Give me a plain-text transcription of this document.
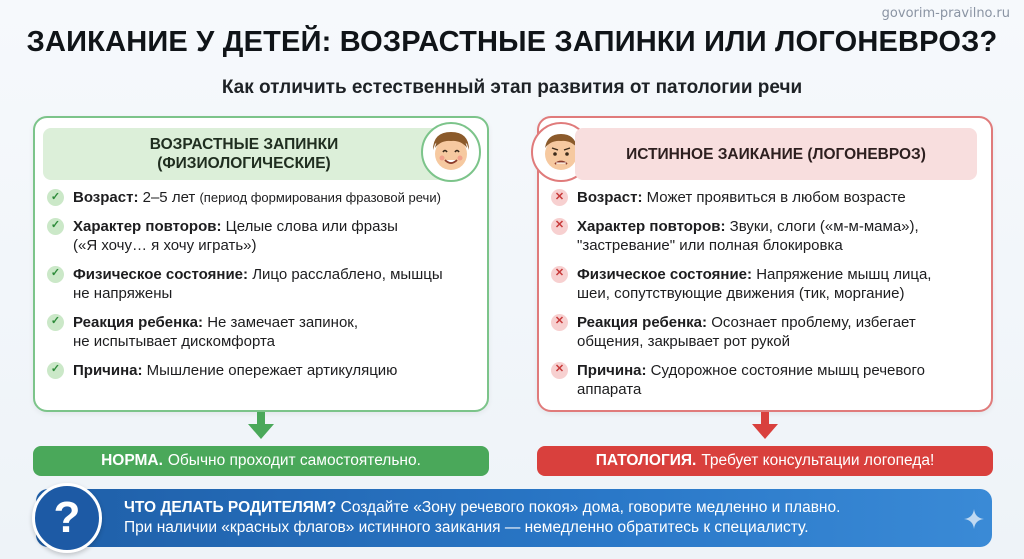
govorim-pravilno.ru
ЗАИКАНИЕ У ДЕТЕЙ: ВОЗРАСТНЫЕ ЗАПИНКИ ИЛИ ЛОГОНЕВРОЗ?
Как отличить естественный этап развития от патологии речи
ВОЗРАСТНЫЕ ЗАПИНКИ
(ФИЗИОЛОГИЧЕСКИЕ)
✓ Возраст: 2–5 лет (период формирования фразовой речи)
✓ Характер повторов: Целые слова или фразы
(«Я хочу… я хочу играть»)
✓ Физическое состояние: Лицо расслаблено, мышцы
не напряжены
✓ Реакция ребенка: Не замечает запинок,
не испытывает дискомфорта
✓ Причина: Мышление опережает артикуляцию
ИСТИННОЕ ЗАИКАНИЕ (ЛОГОНЕВРОЗ)
✕ Возраст: Может проявиться в любом возрасте
✕ Характер повторов: Звуки, слоги («м-м-мама»),
"застревание" или полная блокировка
✕ Физическое состояние: Напряжение мышц лица,
шеи, сопутствующие движения (тик, моргание)
✕ Реакция ребенка: Осознает проблему, избегает
общения, закрывает рот рукой
✕ Причина: Судорожное состояние мышц речевого
аппарата
НОРМА. Обычно проходит самостоятельно.	ПАТОЛОГИЯ. Требует консультации логопеда!
ЧТО ДЕЛАТЬ РОДИТЕЛЯМ? Создайте «Зону речевого покоя» дома, говорите медленно и плавно.
При наличии «красных флагов» истинного заикания — немедленно обратитесь к специалисту.
?
